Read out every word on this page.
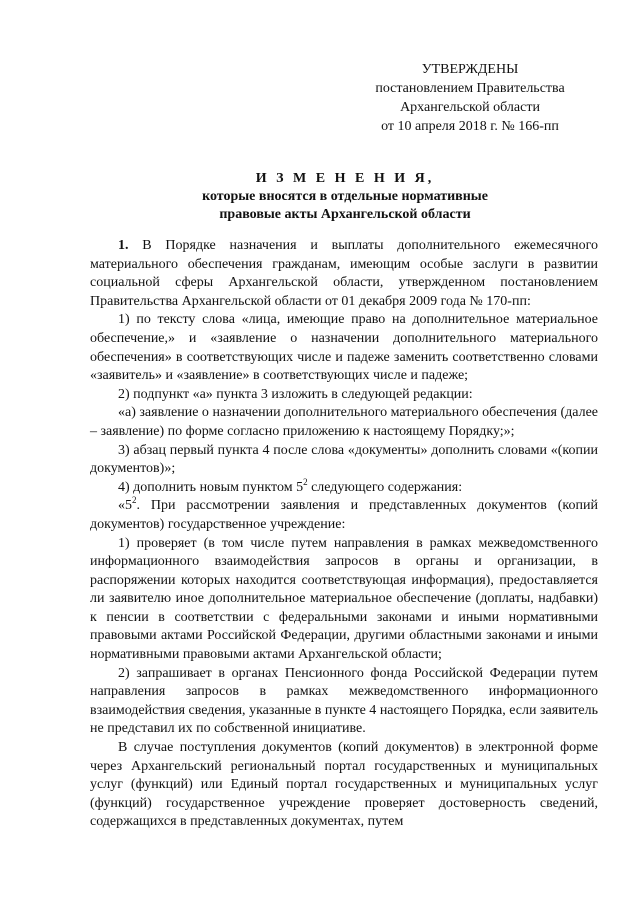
УТВЕРЖДЕНЫ
постановлением Правительства
Архангельской области
от 10 апреля 2018 г. № 166-пп
И З М Е Н Е Н И Я,
которые вносятся в отдельные нормативные
правовые акты Архангельской области

1. В Порядке назначения и выплаты дополнительного ежемесячного материального обеспечения гражданам, имеющим особые заслуги в развитии социальной сферы Архангельской области, утвержденном постановлением Правительства Архангельской области от 01 декабря 2009 года № 170-пп:

1) по тексту слова «лица, имеющие право на дополнительное материальное обеспечение,» и «заявление о назначении дополнительного материального обеспечения» в соответствующих числе и падеже заменить соответственно словами «заявитель» и «заявление» в соответствующих числе и падеже;

2) подпункт «а» пункта 3 изложить в следующей редакции:

«а) заявление о назначении дополнительного материального обеспечения (далее – заявление) по форме согласно приложению к настоящему Порядку;»;

3) абзац первый пункта 4 после слова «документы» дополнить словами «(копии документов)»;

4) дополнить новым пунктом $5^2$ следующего содержания:

«$5^2$. При рассмотрении заявления и представленных документов (копий документов) государственное учреждение:

1) проверяет (в том числе путем направления в рамках межведомственного информационного взаимодействия запросов в органы и организации, в распоряжении которых находится соответствующая информация), предоставляется ли заявителю иное дополнительное материальное обеспечение (доплаты, надбавки) к пенсии в соответствии с федеральными законами и иными нормативными правовыми актами Российской Федерации, другими областными законами и иными нормативными правовыми актами Архангельской области;

2) запрашивает в органах Пенсионного фонда Российской Федерации путем направления запросов в рамках межведомственного информационного взаимодействия сведения, указанные в пункте 4 настоящего Порядка, если заявитель не представил их по собственной инициативе.

В случае поступления документов (копий документов) в электронной форме через Архангельский региональный портал государственных и муниципальных услуг (функций) или Единый портал государственных и муниципальных услуг (функций) государственное учреждение проверяет достоверность сведений, содержащихся в представленных документах, путем
